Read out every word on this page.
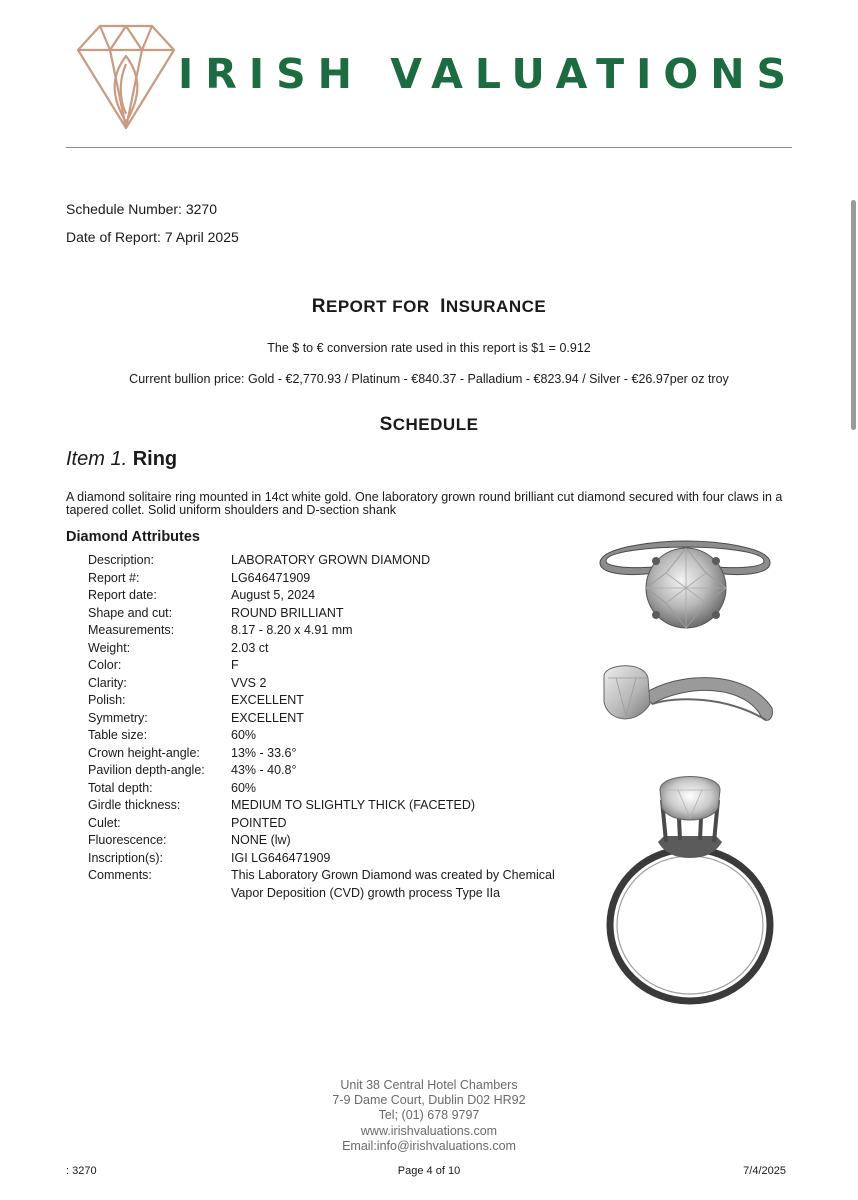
IRISH VALUATIONS
Schedule Number: 3270
Date of Report: 7 April 2025
REPORT FOR INSURANCE
The $ to € conversion rate used in this report is $1 = 0.912
Current bullion price: Gold - €2,770.93 / Platinum - €840.37 - Palladium - €823.94 / Silver - €26.97per oz troy
SCHEDULE
Item 1. Ring
A diamond solitaire ring mounted in 14ct white gold. One laboratory grown round brilliant cut diamond secured with four claws in a tapered collet. Solid uniform shoulders and D-section shank
Diamond Attributes
Description:	LABORATORY GROWN DIAMOND
Report #:	LG646471909
Report date:	August 5, 2024
Shape and cut:	ROUND BRILLIANT
Measurements:	8.17 - 8.20 x 4.91 mm
Weight:	2.03 ct
Color:	F
Clarity:	VVS 2
Polish:	EXCELLENT
Symmetry:	EXCELLENT
Table size:	60%
Crown height-angle:	13% - 33.6°
Pavilion depth-angle:	43% - 40.8°
Total depth:	60%
Girdle thickness:	MEDIUM TO SLIGHTLY THICK (FACETED)
Culet:	POINTED
Fluorescence:	NONE (lw)
Inscription(s):	IGI LG646471909
Comments:	This Laboratory Grown Diamond was created by Chemical Vapor Deposition (CVD) growth process Type IIa
Unit 38 Central Hotel Chambers
7-9 Dame Court, Dublin D02 HR92
Tel; (01) 678 9797
www.irishvaluations.com
Email:info@irishvaluations.com
: 3270	Page 4 of 10	7/4/2025
